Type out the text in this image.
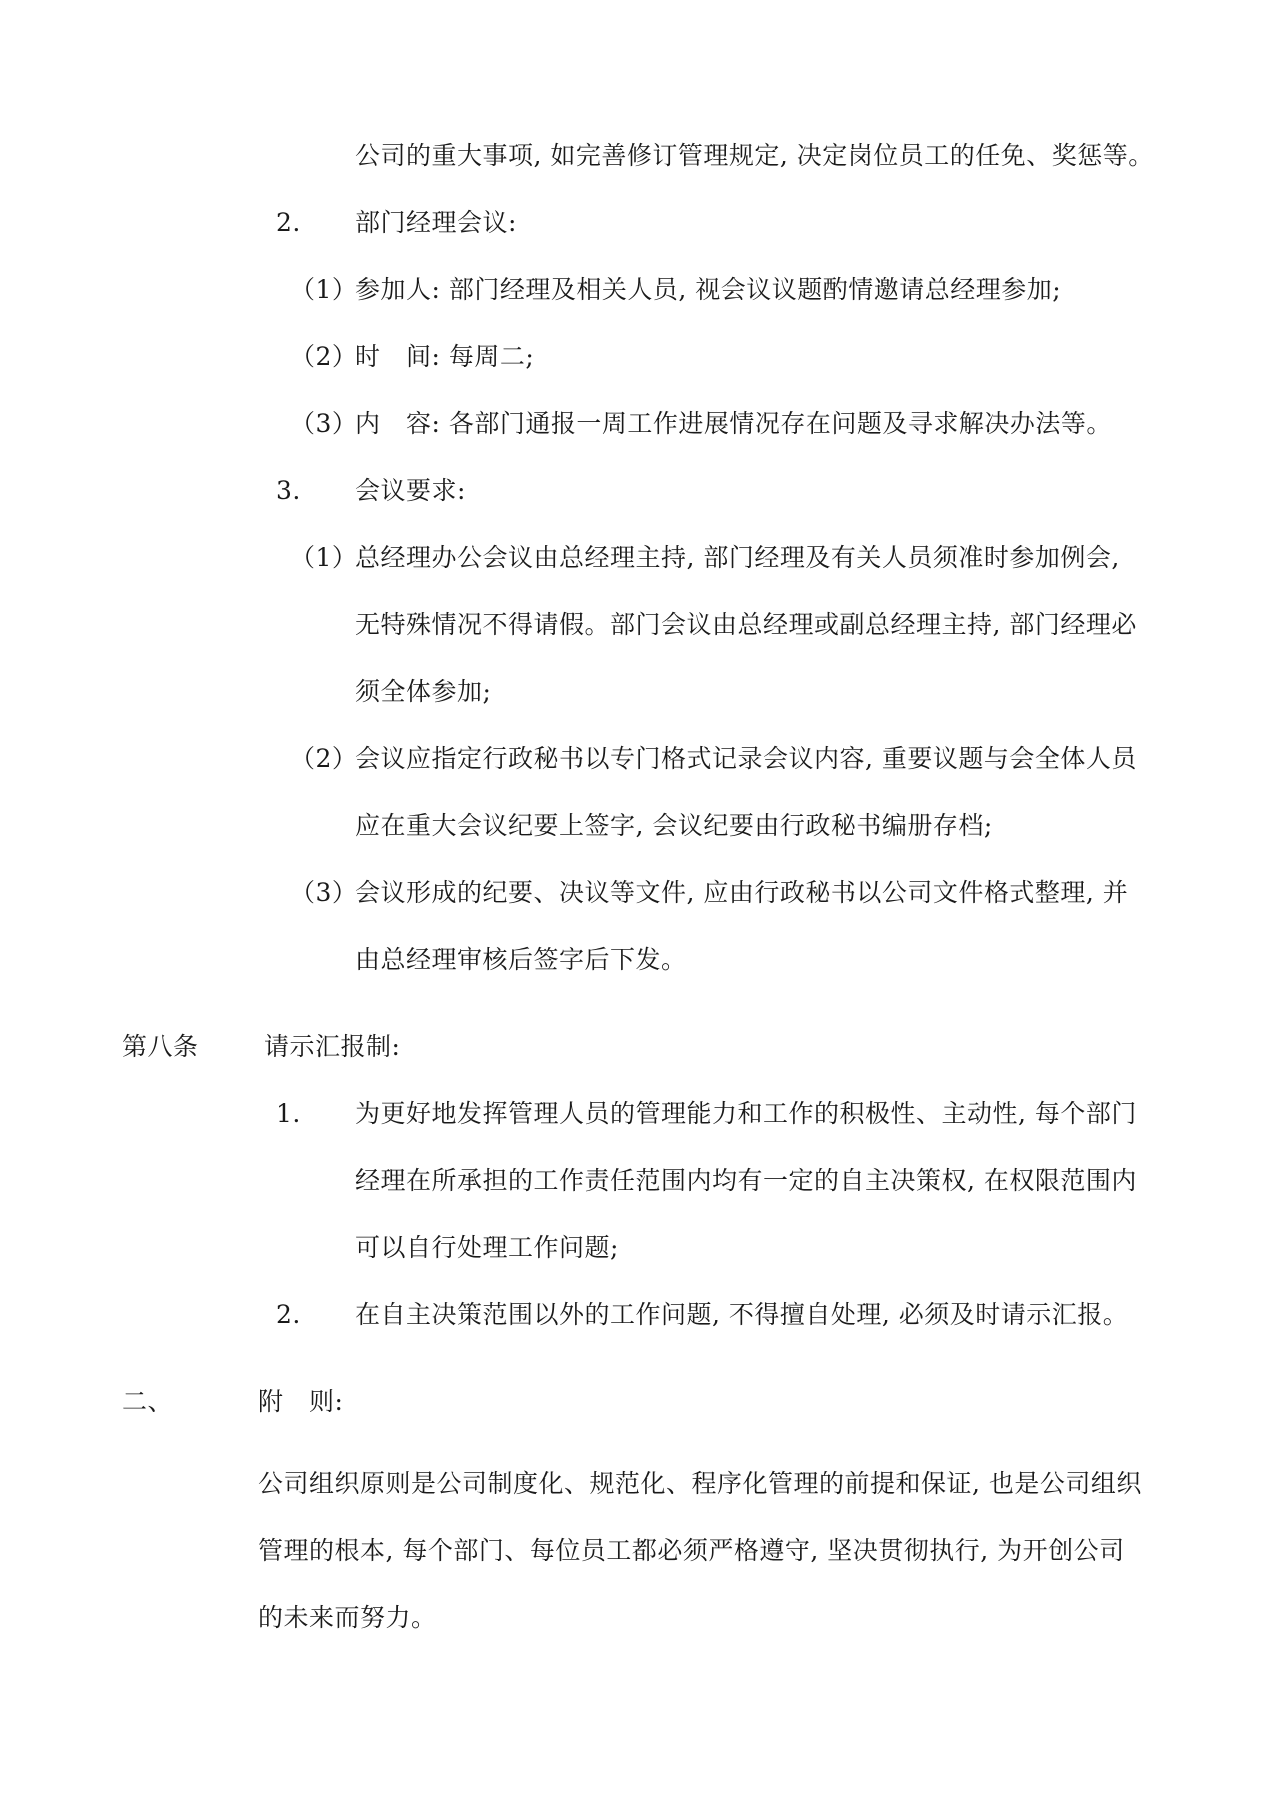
公司的重大事项, 如完善修订管理规定, 决定岗位员工的任免、奖惩等。
2. 部门经理会议:
（1）
参加人: 部门经理及相关人员, 视会议议题酌情邀请总经理参加;
（2）
时　间: 每周二;
（3）
内　容: 各部门通报一周工作进展情况存在问题及寻求解决办法等。
3. 会议要求:
（1）
总经理办公会议由总经理主持, 部门经理及有关人员须准时参加例会,
无特殊情况不得请假。部门会议由总经理或副总经理主持, 部门经理必
须全体参加;
（2）
会议应指定行政秘书以专门格式记录会议内容, 重要议题与会全体人员
应在重大会议纪要上签字, 会议纪要由行政秘书编册存档;
（3）
会议形成的纪要、决议等文件, 应由行政秘书以公司文件格式整理, 并
由总经理审核后签字后下发。
第八条	请示汇报制:
1. 为更好地发挥管理人员的管理能力和工作的积极性、主动性, 每个部门
经理在所承担的工作责任范围内均有一定的自主决策权, 在权限范围内
可以自行处理工作问题;
2. 在自主决策范围以外的工作问题, 不得擅自处理, 必须及时请示汇报。
二、	附　则:
公司组织原则是公司制度化、规范化、程序化管理的前提和保证, 也是公司组织
管理的根本, 每个部门、每位员工都必须严格遵守, 坚决贯彻执行, 为开创公司
的未来而努力。
